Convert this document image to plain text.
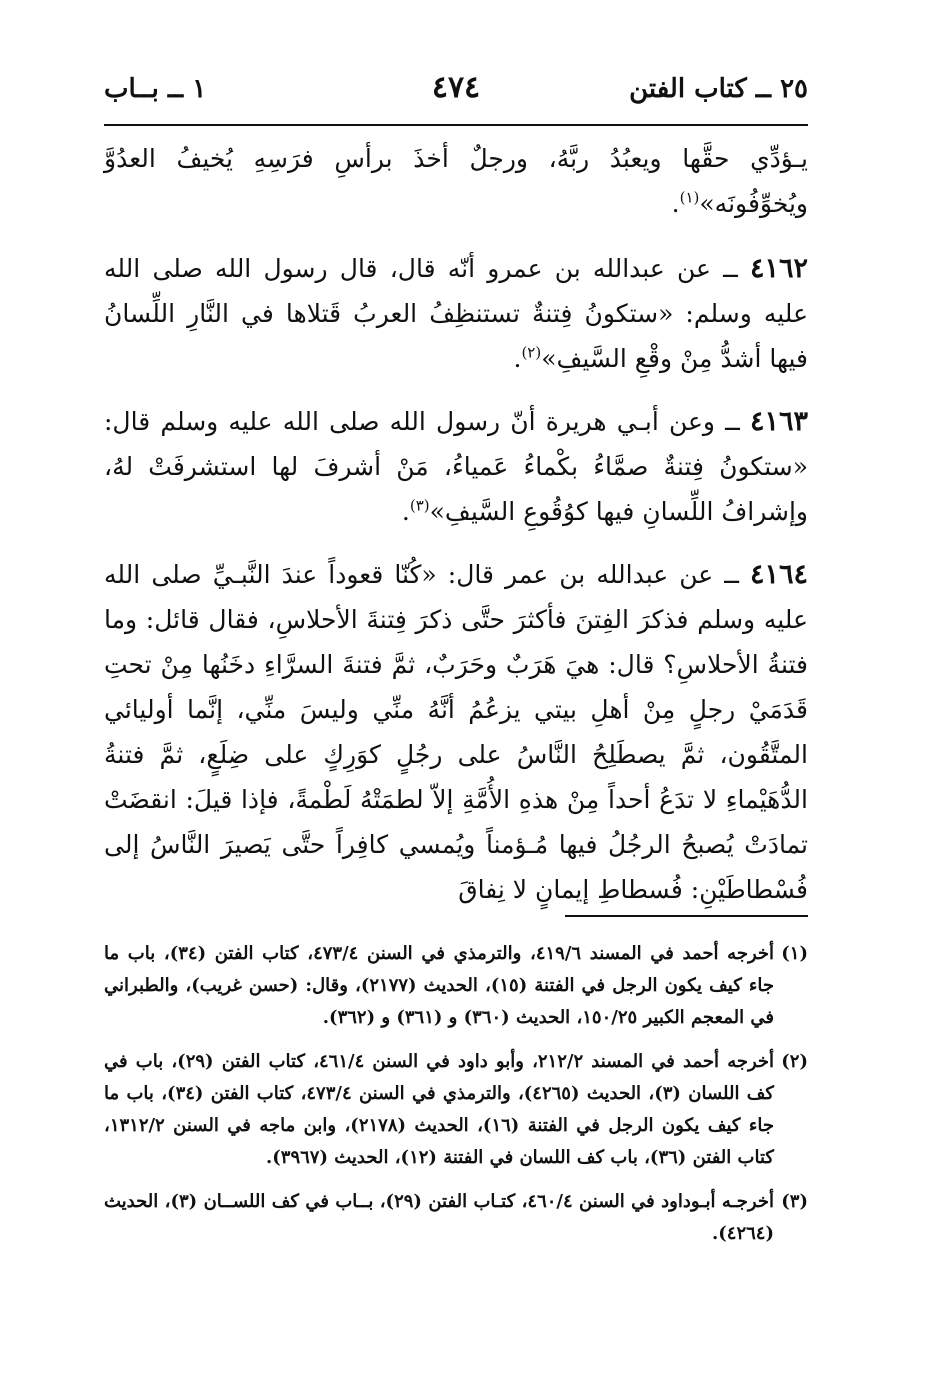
٢٥ ــ كتاب الفتن
٤٧٤
١ ــ بــاب

يـؤدِّي حقَّها ويعبُدُ ربَّهُ، ورجلٌ أخذَ برأسِ فرَسِهِ يُخيفُ العدُوَّ ويُخوِّفُونَه»$^{(١)}$.

٤١٦٢ ــ عن عبدالله بن عمرو أنّه قال، قال رسول الله صلى الله عليه وسلم: «ستكونُ فِتنةٌ تستنظِفُ العربُ قَتلاها في النَّارِ اللِّسانُ فيها أشدُّ مِنْ وقْعِ السَّيفِ»$^{(٢)}$.

٤١٦٣ ــ وعن أبـي هريرة أنّ رسول الله صلى الله عليه وسلم قال: «ستكونُ فِتنةٌ صمَّاءُ بكْماءُ عَمياءُ، مَنْ أشرفَ لها استشرفَتْ لهُ، وإشرافُ اللِّسانِ فيها كوُقُوعِ السَّيفِ»$^{(٣)}$.

٤١٦٤ ــ عن عبدالله بن عمر قال: «كُنّا قعوداً عندَ النَّبـيِّ صلى الله عليه وسلم فذكرَ الفِتنَ فأكثرَ حتَّى ذكرَ فِتنةَ الأحلاسِ، فقال قائل: وما فتنةُ الأحلاسِ؟ قال: هيَ هَرَبٌ وحَرَبٌ، ثمَّ فتنةَ السرَّاءِ دخَنُها مِنْ تحتِ قَدَمَيْ رجلٍ مِنْ أهلِ بيتي يزعُمُ أنَّهُ منِّي وليسَ منِّي، إنَّما أوليائي المتَّقُون، ثمَّ يصطَلِحُ النَّاسُ على رجُلٍ كوَرِكٍ على ضِلَعٍ، ثمَّ فتنةُ الدُّهَيْماءِ لا تدَعُ أحداً مِنْ هذهِ الأُمَّةِ إلاّ لطمَتْهُ لَطْمةً، فإذا قيلَ: انقضَتْ تمادَتْ يُصبحُ الرجُلُ فيها مُـؤمناً ويُمسي كافِراً حتَّى يَصيرَ النَّاسُ إلى فُسْطاطَيْنِ: فُسطاطِ إيمانٍ لا نِفاقَ

(١)
أخرجه أحمد في المسند ٤١٩/٦، والترمذي في السنن ٤٧٣/٤، كتاب الفتن (٣٤)، باب ما جاء كيف يكون الرجل في الفتنة (١٥)، الحديث (٢١٧٧)، وقال: (حسن غريب)، والطبراني في المعجم الكبير ١٥٠/٢٥، الحديث (٣٦٠) و (٣٦١) و (٣٦٢).
(٢)
أخرجه أحمد في المسند ٢١٢/٢، وأبو داود في السنن ٤٦١/٤، كتاب الفتن (٢٩)، باب في كف اللسان (٣)، الحديث (٤٢٦٥)، والترمذي في السنن ٤٧٣/٤، كتاب الفتن (٣٤)، باب ما جاء كيف يكون الرجل في الفتنة (١٦)، الحديث (٢١٧٨)، وابن ماجه في السنن ١٣١٢/٢، كتاب الفتن (٣٦)، باب كف اللسان في الفتنة (١٢)، الحديث (٣٩٦٧).
(٣)
أخرجـه أبـوداود في السنن ٤٦٠/٤، كتـاب الفتن (٢٩)، بــاب في كف اللســان (٣)، الحديث (٤٢٦٤).
